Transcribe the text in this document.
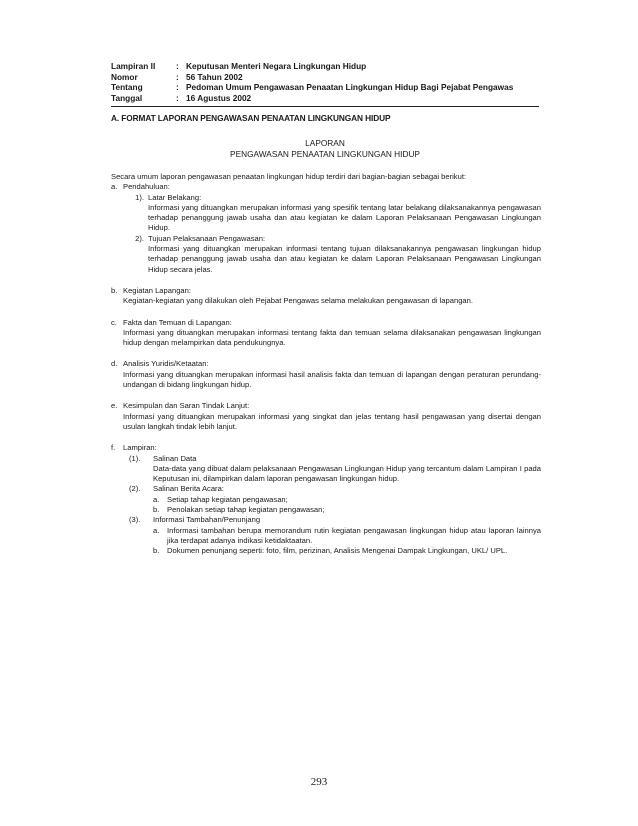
Lampiran II	: Keputusan Menteri Negara Lingkungan Hidup
Nomor	: 56 Tahun 2002
Tentang	: Pedoman Umum Pengawasan Penaatan Lingkungan Hidup Bagi Pejabat Pengawas
Tanggal	: 16 Agustus 2002
A. FORMAT LAPORAN PENGAWASAN PENAATAN LINGKUNGAN HIDUP
LAPORAN
PENGAWASAN PENAATAN LINGKUNGAN HIDUP

Secara umum laporan pengawasan penaatan lingkungan hidup terdiri dari bagian-bagian sebagai berikut:

a. Pendahuluan:
1). Latar Belakang:

Informasi yang dituangkan merupakan informasi yang spesifik tentang latar belakang dilaksanakannya pengawasan terhadap penanggung jawab usaha dan atau kegiatan ke dalam Laporan Pelaksanaan Pengawasan Lingkungan Hidup.

2). Tujuan Pelaksanaan Pengawasan:

Informasi yang dituangkan merupakan informasi tentang tujuan dilaksanakannya pengawasan lingkungan hidup terhadap penanggung jawab usaha dan atau kegiatan ke dalam Laporan Pelaksanaan Pengawasan Lingkungan Hidup secara jelas.

b. Kegiatan Lapangan:

Kegiatan-kegiatan yang dilakukan oleh Pejabat Pengawas selama melakukan pengawasan di lapangan.

c. Fakta dan Temuan di Lapangan:

Informasi yang dituangkan merupakan informasi tentang fakta dan temuan selama dilaksanakan pengawasan lingkungan hidup dengan melampirkan data pendukungnya.

d. Analisis Yuridis/Ketaatan:

Informasi yang dituangkan merupakan informasi hasil analisis fakta dan temuan di lapangan dengan peraturan perundang-undangan di bidang lingkungan hidup.

e. Kesimpulan dan Saran Tindak Lanjut:

Informasi yang dituangkan merupakan informasi yang singkat dan jelas tentang hasil pengawasan yang disertai dengan usulan langkah tindak lebih lanjut.

f.	Lampiran:
(1).	Salinan Data

Data-data yang dibuat dalam pelaksanaan Pengawasan Lingkungan Hidup yang tercantum dalam Lampiran I pada Keputusan ini, dilampirkan dalam laporan pengawasan lingkungan hidup.

(2).	Salinan Berita Acara:
a.	Setiap tahap kegiatan pengawasan;

b.	Penolakan setiap tahap kegiatan pengawasan;

(3).	Informasi Tambahan/Penunjang
a.	Informasi tambahan berupa memorandum rutin kegiatan pengawasan lingkungan hidup atau laporan lainnya jika terdapat adanya indikasi ketidaktaatan.

b.	Dokumen penunjang seperti: foto, film, perizinan, Analisis Mengenai Dampak Lingkungan, UKL/ UPL.

293
